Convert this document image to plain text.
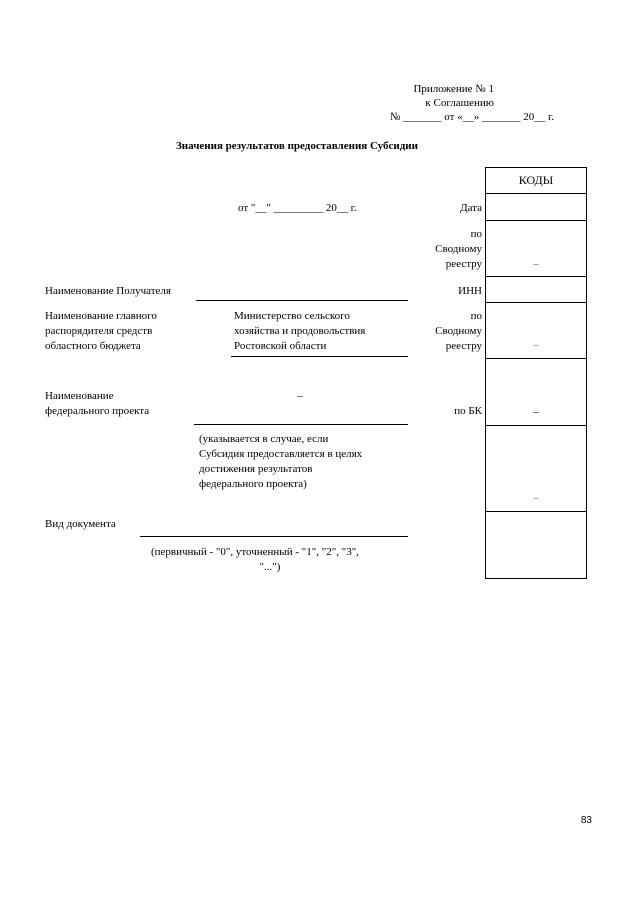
Приложение № 1
к Соглашению
№ _______ от «__» _______ 20__ г.
Значения результатов предоставления Субсидии
КОДЫ
–
–
–
–
от "__" _________ 20__ г.	Дата
по
Сводному
реестру
Наименование Получателя	ИНН
Наименование главного
распорядителя средств
областного бюджета
Министерство сельского
хозяйства и продовольствия
Ростовской области
по
Сводному
реестру
Наименование
федерального проекта
–
по БК
(указывается в случае, если
Субсидия предоставляется в целях
достижения результатов
федерального проекта)
Вид документа
(первичный - "0", уточненный - "1", "2", "3",
"...")
83
